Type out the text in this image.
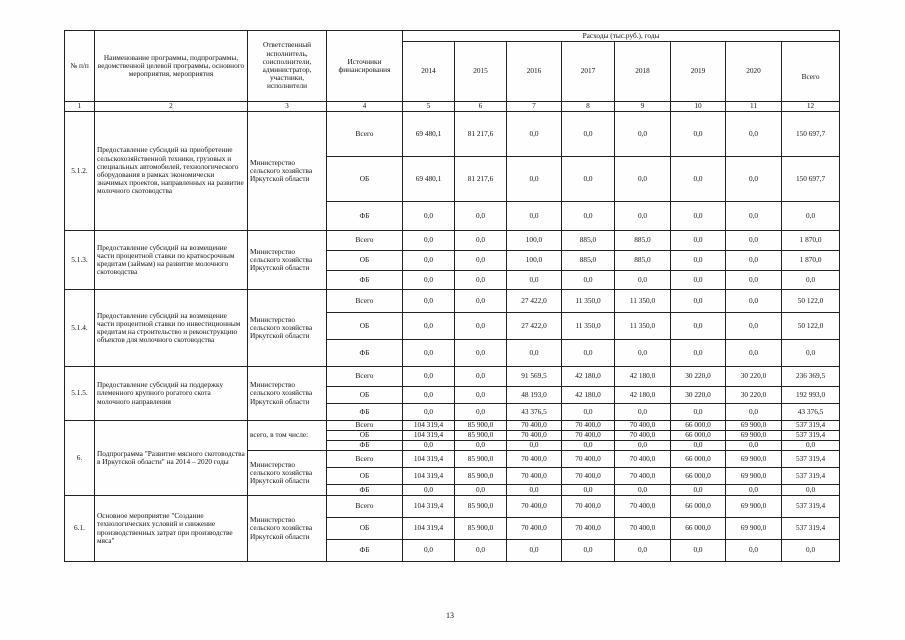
№ п/п	Наименование программы, подпрограммы, ведомственной целевой программы, основного мероприятия, мероприятия	Ответственный исполнитель, соисполнители, администратор, участники, исполнители	Источники финансирования	Расходы (тыс.руб.), годы							
				2014	2015	2016	2017	2018	2019	2020	Всего
1	2	3	4	5	6	7	8	9	10	11	12
5.1.2.	Предоставление субсидий на приобретение сельскохозяйственной техники, грузовых и специальных автомобилей, технологического оборудования в рамках экономически значимых проектов, направленных на развитие молочного скотоводства	Министерство сельского хозяйства Иркутской области	Всего	69 480,1	81 217,6	0,0	0,0	0,0	0,0	0,0	150 697,7
			ОБ	69 480,1	81 217,6	0,0	0,0	0,0	0,0	0,0	150 697,7
			ФБ	0,0	0,0	0,0	0,0	0,0	0,0	0,0	0,0
5.1.3.	Предоставление субсидий на возмещение части процентной ставки по краткосрочным кредитам (займам) на развитие молочного скотоводства	Министерство сельского хозяйства Иркутской области	Всего	0,0	0,0	100,0	885,0	885,0	0,0	0,0	1 870,0
			ОБ	0,0	0,0	100,0	885,0	885,0	0,0	0,0	1 870,0
			ФБ	0,0	0,0	0,0	0,0	0,0	0,0	0,0	0,0
5.1.4.	Предоставление субсидий на возмещение части процентной ставки по инвестиционным кредитам на строительство и реконструкцию объектов для молочного скотоводства	Министерство сельского хозяйства Иркутской области	Всего	0,0	0,0	27 422,0	11 350,0	11 350,0	0,0	0,0	50 122,0
			ОБ	0,0	0,0	27 422,0	11 350,0	11 350,0	0,0	0,0	50 122,0
			ФБ	0,0	0,0	0,0	0,0	0,0	0,0	0,0	0,0
5.1.5.	Предоставление субсидий на поддержку племенного крупного рогатого скота молочного направления	Министерство сельского хозяйства Иркутской области	Всего	0,0	0,0	91 569,5	42 180,0	42 180,0	30 220,0	30 220,0	236 369,5
			ОБ	0,0	0,0	48 193,0	42 180,0	42 180,0	30 220,0	30 220,0	192 993,0
			ФБ	0,0	0,0	43 376,5	0,0	0,0	0,0	0,0	43 376,5
6.	Подпрограмма "Развитие мясного скотоводства в Иркутской области" на 2014 – 2020 годы	всего, в том числе:	Всего	104 319,4	85 900,0	70 400,0	70 400,0	70 400,0	66 000,0	69 900,0	537 319,4
			ОБ	104 319,4	85 900,0	70 400,0	70 400,0	70 400,0	66 000,0	69 900,0	537 319,4
			ФБ	0,0	0,0	0,0	0,0	0,0	0,0	0,0	0,0
		Министерство сельского хозяйства Иркутской области	Всего	104 319,4	85 900,0	70 400,0	70 400,0	70 400,0	66 000,0	69 900,0	537 319,4
			ОБ	104 319,4	85 900,0	70 400,0	70 400,0	70 400,0	66 000,0	69 900,0	537 319,4
			ФБ	0,0	0,0	0,0	0,0	0,0	0,0	0,0	0,0
6.1.	Основное мероприятие "Создание технологических условий и снижение производственных затрат при производстве мяса"	Министерство сельского хозяйства Иркутской области	Всего	104 319,4	85 900,0	70 400,0	70 400,0	70 400,0	66 000,0	69 900,0	537 319,4
			ОБ	104 319,4	85 900,0	70 400,0	70 400,0	70 400,0	66 000,0	69 900,0	537 319,4
			ФБ	0,0	0,0	0,0	0,0	0,0	0,0	0,0	0,0
13
